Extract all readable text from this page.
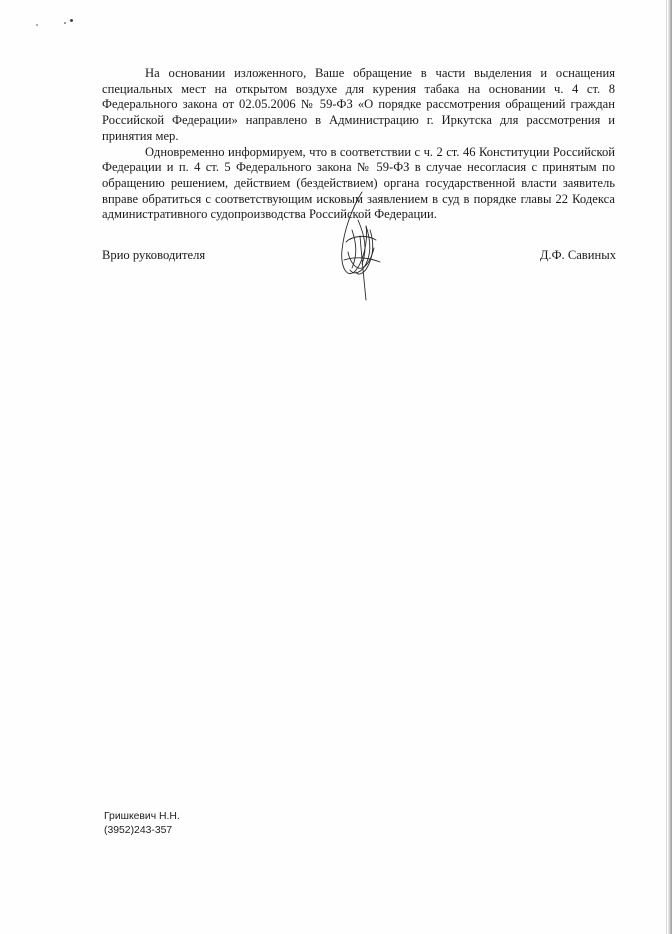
На основании изложенного, Ваше обращение в части выделения и оснащения специальных мест на открытом воздухе для курения табака на основании ч. 4 ст. 8 Федерального закона от 02.05.2006 № 59-ФЗ «О порядке рассмотрения обращений граждан Российской Федерации» направлено в Администрацию г. Иркутска для рассмотрения и принятия мер.

Одновременно информируем, что в соответствии с ч. 2 ст. 46 Конституции Российской Федерации и п. 4 ст. 5 Федерального закона № 59-ФЗ в случае несогласия с принятым по обращению решением, действием (бездействием) органа государственной власти заявитель вправе обратиться с соответствующим исковым заявлением в суд в порядке главы 22 Кодекса административного судопроизводства Российской Федерации.

Врио руководителя	Д.Ф. Савиных
Гришкевич Н.Н.
(3952)243-357
